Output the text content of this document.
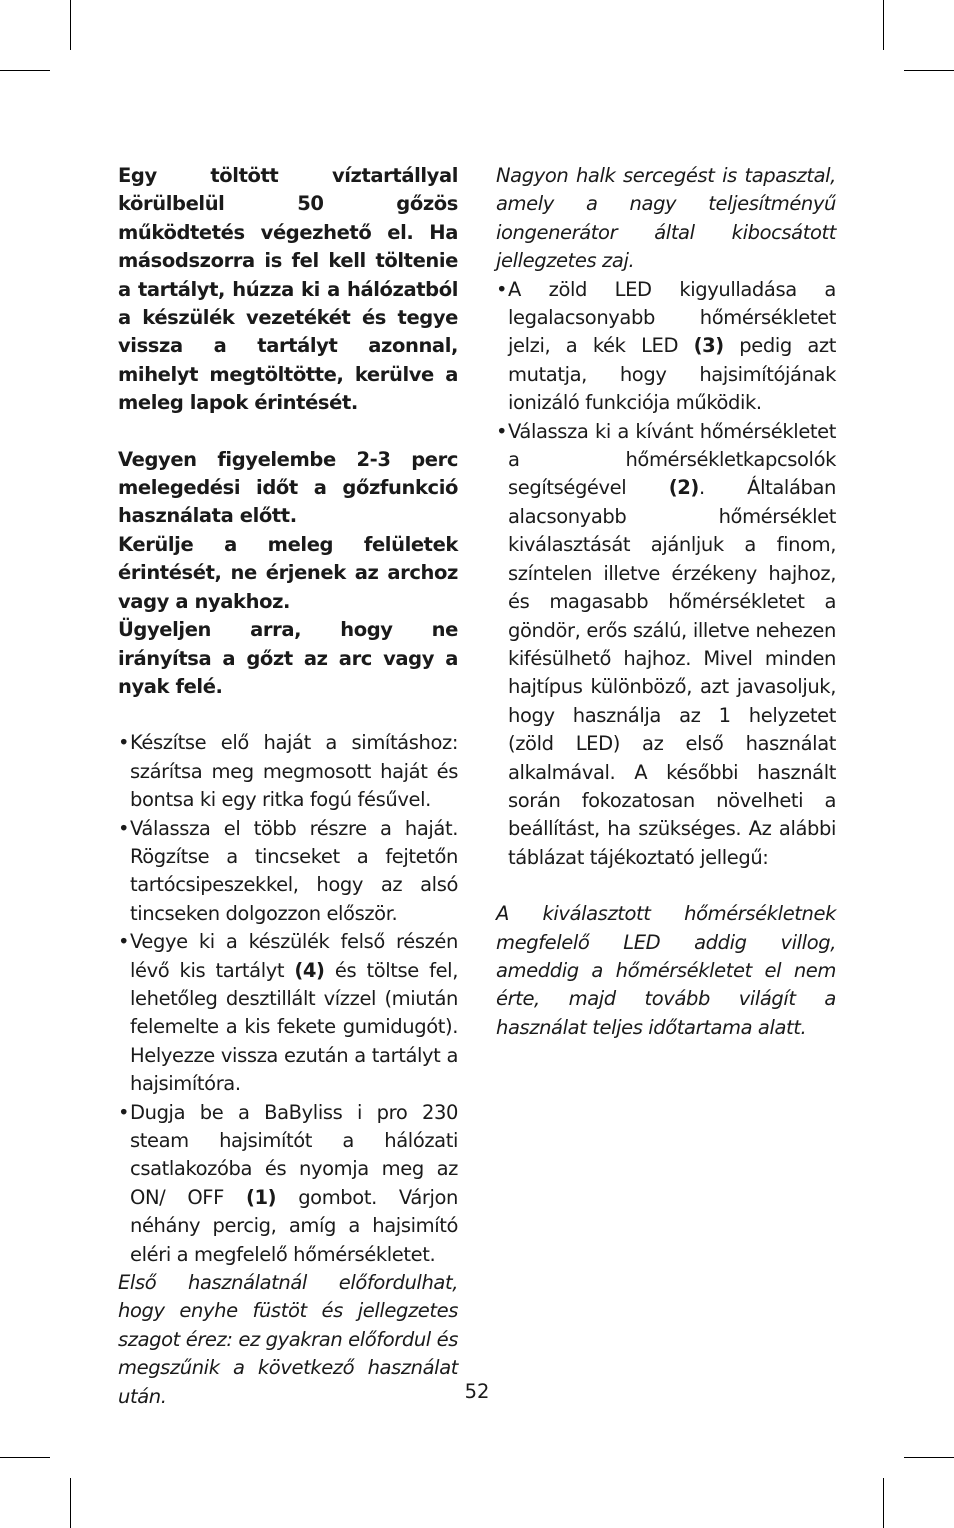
Egy töltött víztartállyal körülbelül 50 gőzös működtetés végezhető el. Ha másodszorra is fel kell töltenie a tartályt, húzza ki a hálózatból a készülék vezetékét és tegye vissza a tartályt azonnal, mihelyt megtöltötte, kerülve a meleg lapok érintését.

Vegyen figyelembe 2-3 perc melegedési időt a gőzfunkció használata előtt.

Kerülje a meleg felületek érintését, ne érjenek az archoz vagy a nyakhoz.

Ügyeljen arra, hogy ne irányítsa a gőzt az arc vagy a nyak felé.

• Készítse elő haját a simításhoz: szárítsa meg megmosott haját és bontsa ki egy ritka fogú fésűvel.

• Válassza el több részre a haját. Rögzítse a tincseket a fejtetőn tartócsipeszekkel, hogy az alsó tincseken dolgozzon először.

• Vegye ki a készülék felső részén lévő kis tartályt (4) és töltse fel, lehetőleg desztillált vízzel (miután felemelte a kis fekete gumidugót). Helyezze vissza ezután a tartályt a hajsimítóra.

• Dugja be a BaByliss i pro 230 steam hajsimítót a hálózati csatlakozóba és nyomja meg az ON/ OFF (1) gombot. Várjon néhány percig, amíg a hajsimító eléri a megfelelő hőmérsékletet.

Első használatnál előfordulhat, hogy enyhe füstöt és jellegzetes szagot érez: ez gyakran előfordul és megszűnik a következő használat után.

Nagyon halk sercegést is tapasztal, amely a nagy teljesítményű iongenerátor által kibocsátott jellegzetes zaj.

• A zöld LED kigyulladása a legalacsonyabb hőmérsékletet jelzi, a kék LED (3) pedig azt mutatja, hogy hajsimítójának ionizáló funkciója működik.

• Válassza ki a kívánt hőmérsékletet a hőmérsékletkapcsolók segítségével (2). Általában alacsonyabb hőmérséklet kiválasztását ajánljuk a finom, színtelen illetve érzékeny hajhoz, és magasabb hőmérsékletet a göndör, erős szálú, illetve nehezen kifésülhető hajhoz. Mivel minden hajtípus különböző, azt javasoljuk, hogy használja az 1 helyzetet (zöld LED) az első használat alkalmával. A későbbi használt során fokozatosan növelheti a beállítást, ha szükséges. Az alábbi táblázat tájékoztató jellegű:

A kiválasztott hőmérsékletnek megfelelő LED addig villog, ameddig a hőmérsékletet el nem érte, majd tovább világít a használat teljes időtartama alatt.

52
